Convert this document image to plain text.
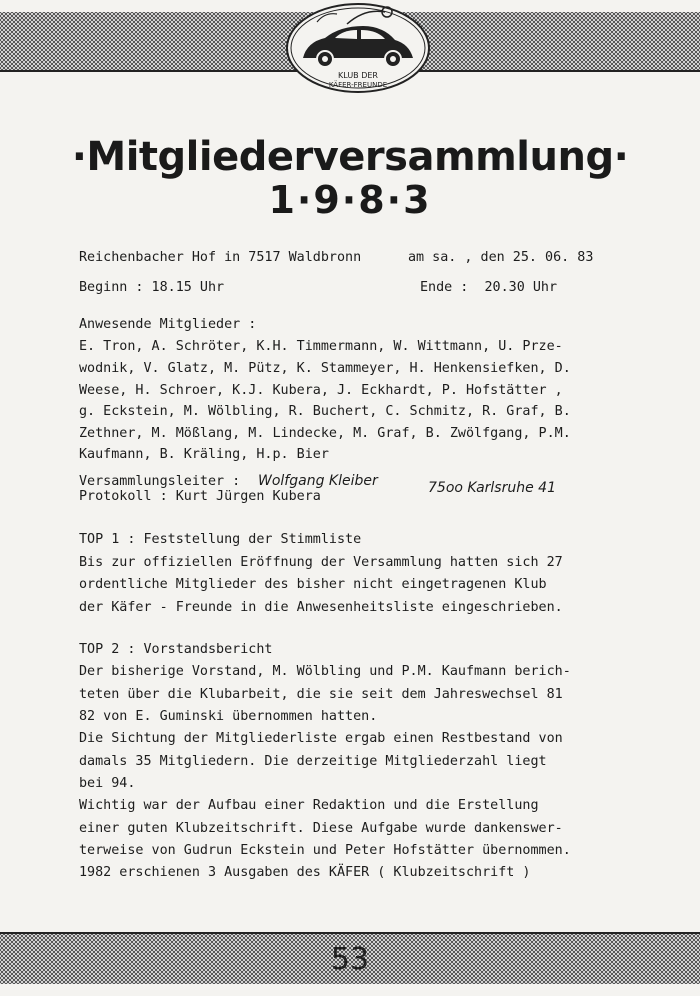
KLUB DER
KÄFER-FREUNDE
·Mitgliederversammlung·
1·9·8·3
Reichenbacher Hof in 7517 Waldbronn	am sa. , den 25. 06. 83
Beginn : 18.15 Uhr	Ende :  20.30 Uhr
Anwesende Mitglieder :
E. Tron, A. Schröter, K.H. Timmermann, W. Wittmann, U. Prze-
wodnik, V. Glatz, M. Pütz, K. Stammeyer, H. Henkensiefken, D.
Weese, H. Schroer, K.J. Kubera, J. Eckhardt, P. Hofstätter ,
g. Eckstein, M. Wölbling, R. Buchert, C. Schmitz, R. Graf, B.
Zethner, M. Mößlang, M. Lindecke, M. Graf, B. Zwölfgang, P.M.
Kaufmann, B. Kräling, H.p. Bier
Versammlungsleiter : Wolfgang Kleiber	75oo Karlsruhe 41
Protokoll : Kurt Jürgen Kubera
TOP 1 : Feststellung der Stimmliste
Bis zur offiziellen Eröffnung der Versammlung hatten sich 27
ordentliche Mitglieder des bisher nicht eingetragenen Klub
der Käfer - Freunde in die Anwesenheitsliste eingeschrieben.
TOP 2 : Vorstandsbericht
Der bisherige Vorstand, M. Wölbling und P.M. Kaufmann berich-
teten über die Klubarbeit, die sie seit dem Jahreswechsel 81
82 von E. Guminski übernommen hatten.
Die Sichtung der Mitgliederliste ergab einen Restbestand von
damals 35 Mitgliedern. Die derzeitige Mitgliederzahl liegt
bei 94.
Wichtig war der Aufbau einer Redaktion und die Erstellung
einer guten Klubzeitschrift. Diese Aufgabe wurde dankenswer-
terweise von Gudrun Eckstein und Peter Hofstätter übernommen.
1982 erschienen 3 Ausgaben des KÄFER ( Klubzeitschrift )
53
